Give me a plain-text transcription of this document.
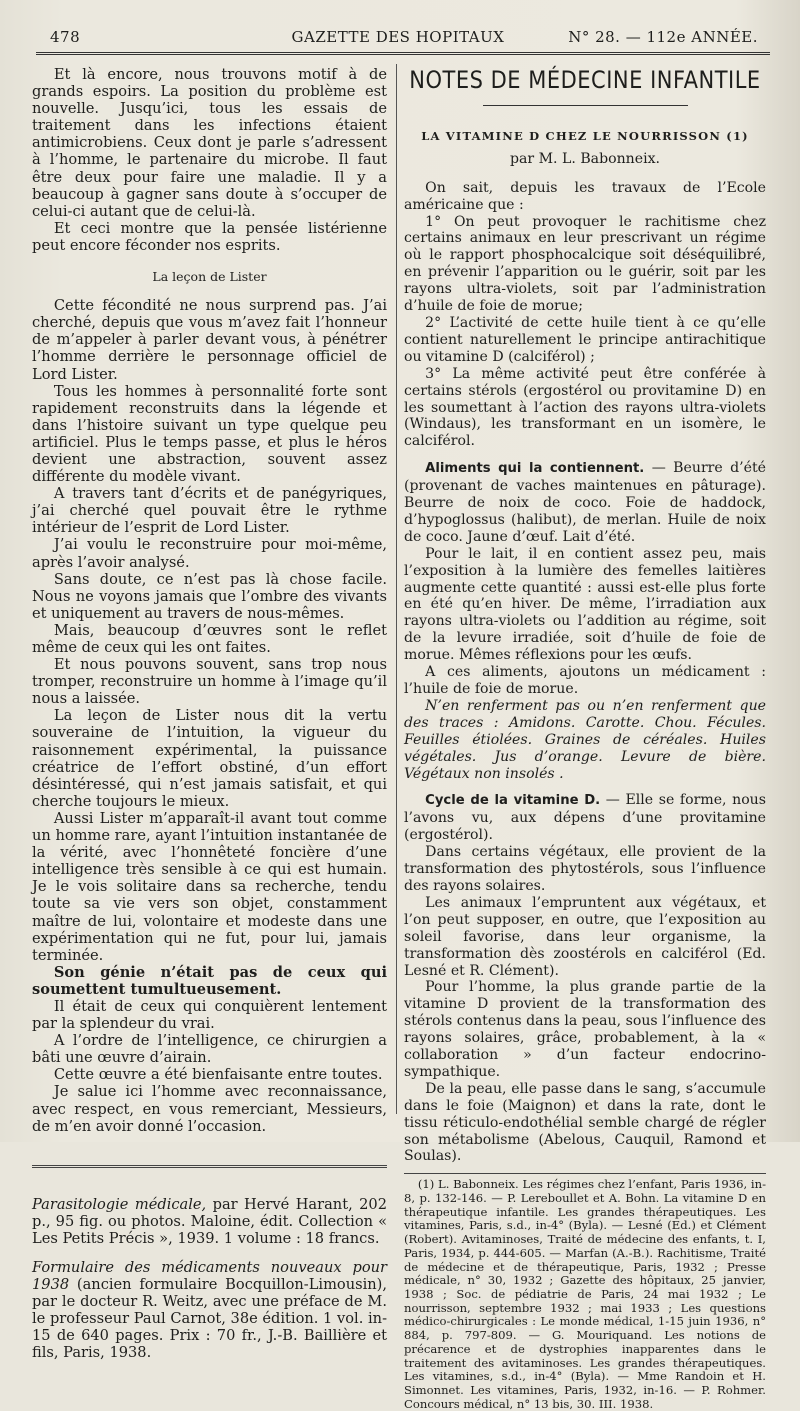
478	GAZETTE DES HOPITAUX	N° 28. — 112e ANNÉE.

Et là encore, nous trouvons motif à de grands espoirs. La position du problème est nouvelle. Jusqu’ici, tous les essais de traitement dans les infections étaient antimicrobiens. Ceux dont je parle s’adressent à l’homme, le partenaire du microbe. Il faut être deux pour faire une maladie. Il y a beaucoup à gagner sans doute à s’occuper de celui-ci autant que de celui-là.

Et ceci montre que la pensée listérienne peut encore féconder nos esprits.

La leçon de Lister

Cette fécondité ne nous surprend pas. J’ai cherché, depuis que vous m’avez fait l’honneur de m’appeler à parler devant vous, à pénétrer l’homme derrière le personnage officiel de Lord Lister.

Tous les hommes à personnalité forte sont rapidement reconstruits dans la légende et dans l’histoire suivant un type quelque peu artificiel. Plus le temps passe, et plus le héros devient une abstraction, souvent assez différente du modèle vivant.

A travers tant d’écrits et de panégyriques, j’ai cherché quel pouvait être le rythme intérieur de l’esprit de Lord Lister.

J’ai voulu le reconstruire pour moi-même, après l’avoir analysé.

Sans doute, ce n’est pas là chose facile. Nous ne voyons jamais que l’ombre des vivants et uniquement au travers de nous-mêmes.

Mais, beaucoup d’œuvres sont le reflet même de ceux qui les ont faites.

Et nous pouvons souvent, sans trop nous tromper, reconstruire un homme à l’image qu’il nous a laissée.

La leçon de Lister nous dit la vertu souveraine de l’intuition, la vigueur du raisonnement expérimental, la puissance créatrice de l’effort obstiné, d’un effort désintéressé, qui n’est jamais satisfait, et qui cherche toujours le mieux.

Aussi Lister m’apparaît-il avant tout comme un homme rare, ayant l’intuition instantanée de la vérité, avec l’honnêteté foncière d’une intelligence très sensible à ce qui est humain. Je le vois solitaire dans sa recherche, tendu toute sa vie vers son objet, constamment maître de lui, volontaire et modeste dans une expérimentation qui ne fut, pour lui, jamais terminée.

Son génie n’était pas de ceux qui soumettent tumultueusement.

Il était de ceux qui conquièrent lentement par la splendeur du vrai.

A l’ordre de l’intelligence, ce chirurgien a bâti une œuvre d’airain.

Cette œuvre a été bienfaisante entre toutes.

Je salue ici l’homme avec reconnaissance, avec respect, en vous remerciant, Messieurs, de m’en avoir donné l’occasion.

Parasitologie médicale, par Hervé Harant, 202 p., 95 fig. ou photos. Maloine, édit. Collection « Les Petits Précis », 1939. 1 volume : 18 francs.

Formulaire des médicaments nouveaux pour 1938 (ancien formulaire Bocquillon-Limousin), par le docteur R. Weitz, avec une préface de M. le professeur Paul Carnot, 38e édition. 1 vol. in-15 de 640 pages. Prix : 70 fr., J.-B. Baillière et fils, Paris, 1938.

NOTES DE MÉDECINE INFANTILE

LA VITAMINE D CHEZ LE NOURRISSON (1)

par M. L. Babonneix.

On sait, depuis les travaux de l’Ecole américaine que :

1° On peut provoquer le rachitisme chez certains animaux en leur prescrivant un régime où le rapport phosphocalcique soit déséquilibré, en prévenir l’apparition ou le guérir, soit par les rayons ultra-violets, soit par l’administration d’huile de foie de morue;

2° L’activité de cette huile tient à ce qu’elle contient naturellement le principe antirachitique ou vitamine D (calciférol) ;

3° La même activité peut être conférée à certains stérols (ergostérol ou provitamine D) en les soumettant à l’action des rayons ultra-violets (Windaus), les transformant en un isomère, le calciférol.

Aliments qui la contiennent. — Beurre d’été (provenant de vaches maintenues en pâturage). Beurre de noix de coco. Foie de haddock, d’hypoglossus (halibut), de merlan. Huile de noix de coco. Jaune d’œuf. Lait d’été.

Pour le lait, il en contient assez peu, mais l’exposition à la lumière des femelles laitières augmente cette quantité : aussi est-elle plus forte en été qu’en hiver. De même, l’irradiation aux rayons ultra-violets ou l’addition au régime, soit de la levure irradiée, soit d’huile de foie de morue. Mêmes réflexions pour les œufs.

A ces aliments, ajoutons un médicament : l’huile de foie de morue.

N’en renferment pas ou n’en renferment que des traces : Amidons. Carotte. Chou. Fécules. Feuilles étiolées. Graines de céréales. Huiles végétales. Jus d’orange. Levure de bière. Végétaux non insolés .

Cycle de la vitamine D. — Elle se forme, nous l’avons vu, aux dépens d’une provitamine (ergostérol).

Dans certains végétaux, elle provient de la transformation des phytostérols, sous l’influence des rayons solaires.

Les animaux l’empruntent aux végétaux, et l’on peut supposer, en outre, que l’exposition au soleil favorise, dans leur organisme, la transformation dès zoostérols en calciférol (Ed. Lesné et R. Clément).

Pour l’homme, la plus grande partie de la vitamine D provient de la transformation des stérols contenus dans la peau, sous l’influence des rayons solaires, grâce, probablement, à la « collaboration » d’un facteur endocrino-sympathique.

De la peau, elle passe dans le sang, s’accumule dans le foie (Maignon) et dans la rate, dont le tissu réticulo-endothélial semble chargé de régler son métabolisme (Abelous, Cauquil, Ramond et Soulas).

(1) L. Babonneix. Les régimes chez l’enfant, Paris 1936, in-8, p. 132-146. — P. Lereboullet et A. Bohn. La vitamine D en thérapeutique infantile. Les grandes thérapeutiques. Les vitamines, Paris, s.d., in-4° (Byla). — Lesné (Ed.) et Clément (Robert). Avitaminoses, Traité de médecine des enfants, t. I, Paris, 1934, p. 444-605. — Marfan (A.-B.). Rachitisme, Traité de médecine et de thérapeutique, Paris, 1932 ; Presse médicale, n° 30, 1932 ; Gazette des hôpitaux, 25 janvier, 1938 ; Soc. de pédiatrie de Paris, 24 mai 1932 ; Le nourrisson, septembre 1932 ; mai 1933 ; Les questions médico-chirurgicales : Le monde médical, 1-15 juin 1936, n° 884, p. 797-809. — G. Mouriquand. Les notions de précarence et de dystrophies inapparentes dans le traitement des avitaminoses. Les grandes thérapeutiques. Les vitamines, s.d., in-4° (Byla). — Mme Randoin et H. Simonnet. Les vitamines, Paris, 1932, in-16. — P. Rohmer. Concours médical, n° 13 bis, 30. III. 1938.
